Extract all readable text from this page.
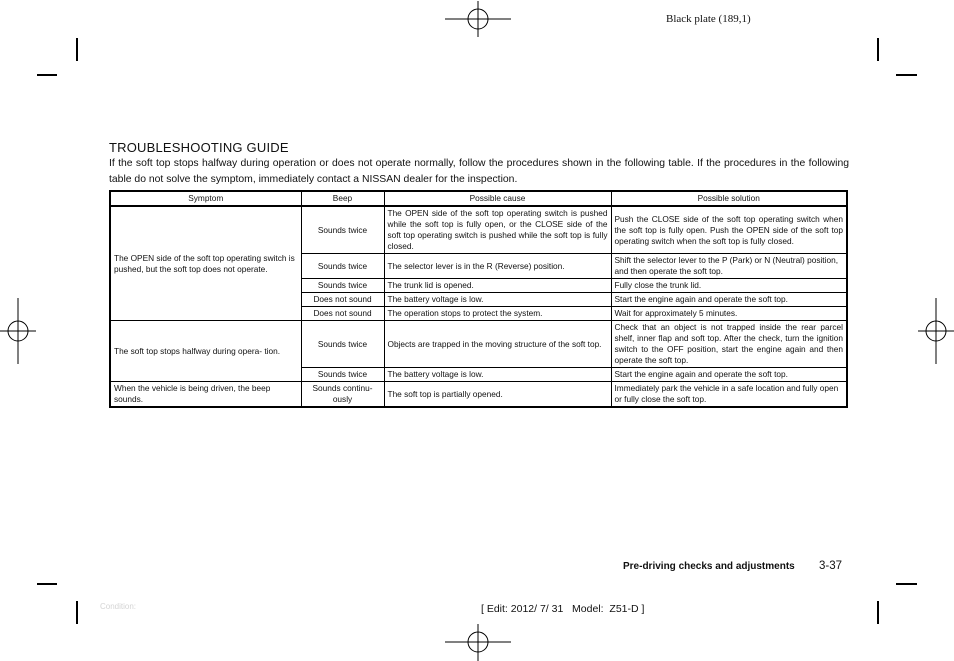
Black plate (189,1)
TROUBLESHOOTING GUIDE
If the soft top stops halfway during operation or does not operate normally, follow the procedures shown in the following table. If the procedures in the following table do not solve the symptom, immediately contact a NISSAN dealer for the inspection.
Symptom	Beep	Possible cause	Possible solution
The OPEN side of the soft top operating switch is pushed, but the soft top does not operate.	Sounds twice	The OPEN side of the soft top operating switch is pushed while the soft top is fully open, or the CLOSE side of the soft top operating switch is pushed while the soft top is fully closed.	Push the CLOSE side of the soft top operating switch when the soft top is fully open. Push the OPEN side of the soft top operating switch when the soft top is fully closed.
	Sounds twice	The selector lever is in the R (Reverse) position.	Shift the selector lever to the P (Park) or N (Neutral) position, and then operate the soft top.
	Sounds twice	The trunk lid is opened.	Fully close the trunk lid.
	Does not sound	The battery voltage is low.	Start the engine again and operate the soft top.
	Does not sound	The operation stops to protect the system.	Wait for approximately 5 minutes.
The soft top stops halfway during opera- tion.	Sounds twice	Objects are trapped in the moving structure of the soft top.	Check that an object is not trapped inside the rear parcel shelf, inner flap and soft top. After the check, turn the ignition switch to the OFF position, start the engine again and then operate the soft top.
	Sounds twice	The battery voltage is low.	Start the engine again and operate the soft top.
When the vehicle is being driven, the beep sounds.	Sounds continu- ously	The soft top is partially opened.	Immediately park the vehicle in a safe location and fully open or fully close the soft top.
Pre-driving checks and adjustments 3-37
Condition:	[ Edit: 2012/ 7/ 31   Model:  Z51-D ]
